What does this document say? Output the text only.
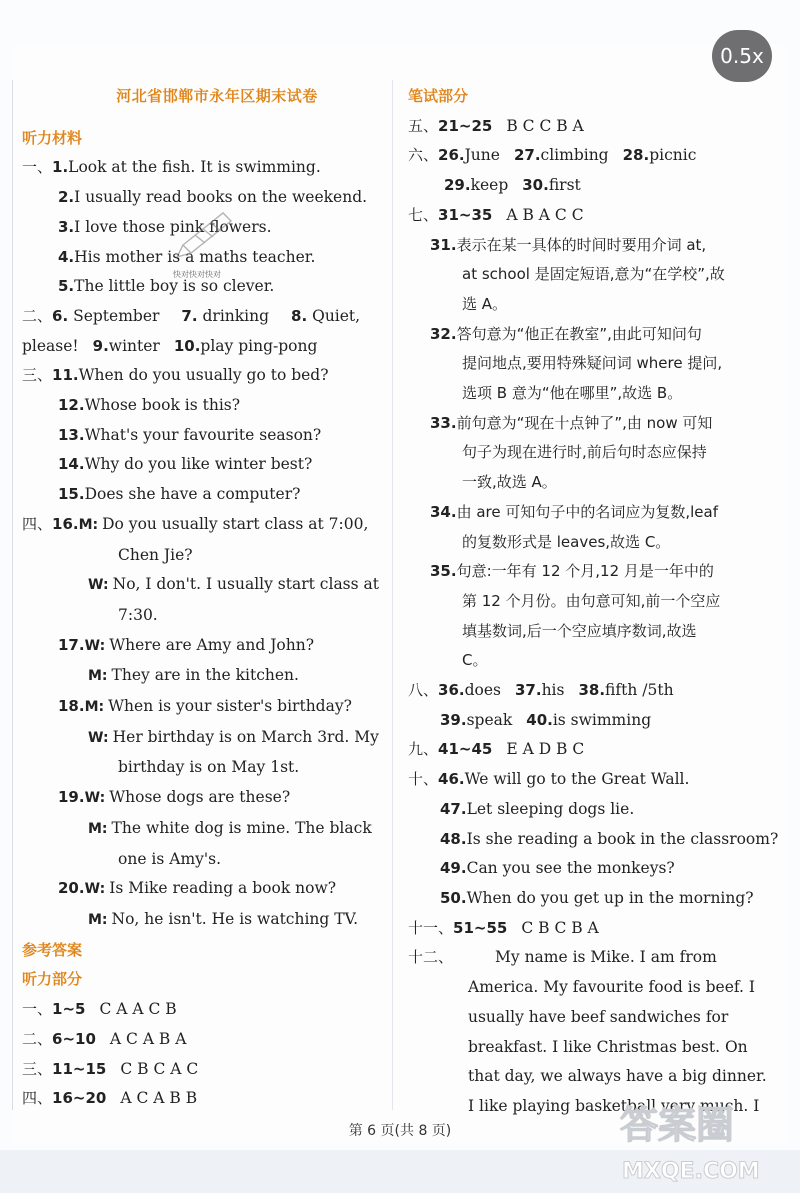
0.5x
河北省邯郸市永年区期末试卷
听力材料
一、1.Look at the fish. It is swimming.
2.I usually read books on the weekend.
3.I love those pink flowers.
4.His mother is a maths teacher.
5.The little boy is so clever.
二、6. September 7. drinking 8. Quiet,
please! 9.winter 10.play ping-pong
三、11.When do you usually go to bed?
12.Whose book is this?
13.What's your favourite season?
14.Why do you like winter best?
15.Does she have a computer?
四、16.M: Do you usually start class at 7:00,
Chen Jie?
W: No, I don't. I usually start class at
7:30.
17.W: Where are Amy and John?
M: They are in the kitchen.
18.M: When is your sister's birthday?
W: Her birthday is on March 3rd. My
birthday is on May 1st.
19.W: Whose dogs are these?
M: The white dog is mine. The black
one is Amy's.
20.W: Is Mike reading a book now?
M: No, he isn't. He is watching TV.
参考答案
听力部分
一、1~5 C A A C B
二、6~10 A C A B A
三、11~15 C B C A C
四、16~20 A C A B B
快对快对快对
笔试部分
五、21~25 B C C B A
六、26.June 27.climbing 28.picnic
29.keep 30.first
七、31~35 A B A C C
31.表示在某一具体的时间时要用介词 at,
at school 是固定短语,意为“在学校”,故
选 A。
32.答句意为“他正在教室”,由此可知问句
提问地点,要用特殊疑问词 where 提问,
选项 B 意为“他在哪里”,故选 B。
33.前句意为“现在十点钟了”,由 now 可知
句子为现在进行时,前后句时态应保持
一致,故选 A。
34.由 are 可知句子中的名词应为复数,leaf
的复数形式是 leaves,故选 C。
35.句意:一年有 12 个月,12 月是一年中的
第 12 个月份。由句意可知,前一个空应
填基数词,后一个空应填序数词,故选
C。
八、36.does 37.his 38.fifth /5th
39.speak 40.is swimming
九、41~45 E A D B C
十、46.We will go to the Great Wall.
47.Let sleeping dogs lie.
48.Is she reading a book in the classroom?
49.Can you see the monkeys?
50.When do you get up in the morning?
十一、51~55 C B C B A
十二、	My name is Mike. I am from
America. My favourite food is beef. I
usually have beef sandwiches for
breakfast. I like Christmas best. On
that day, we always have a big dinner.
I like playing basketball very much. I
第 6 页(共 8 页)	答案圈
MXQE.COM
